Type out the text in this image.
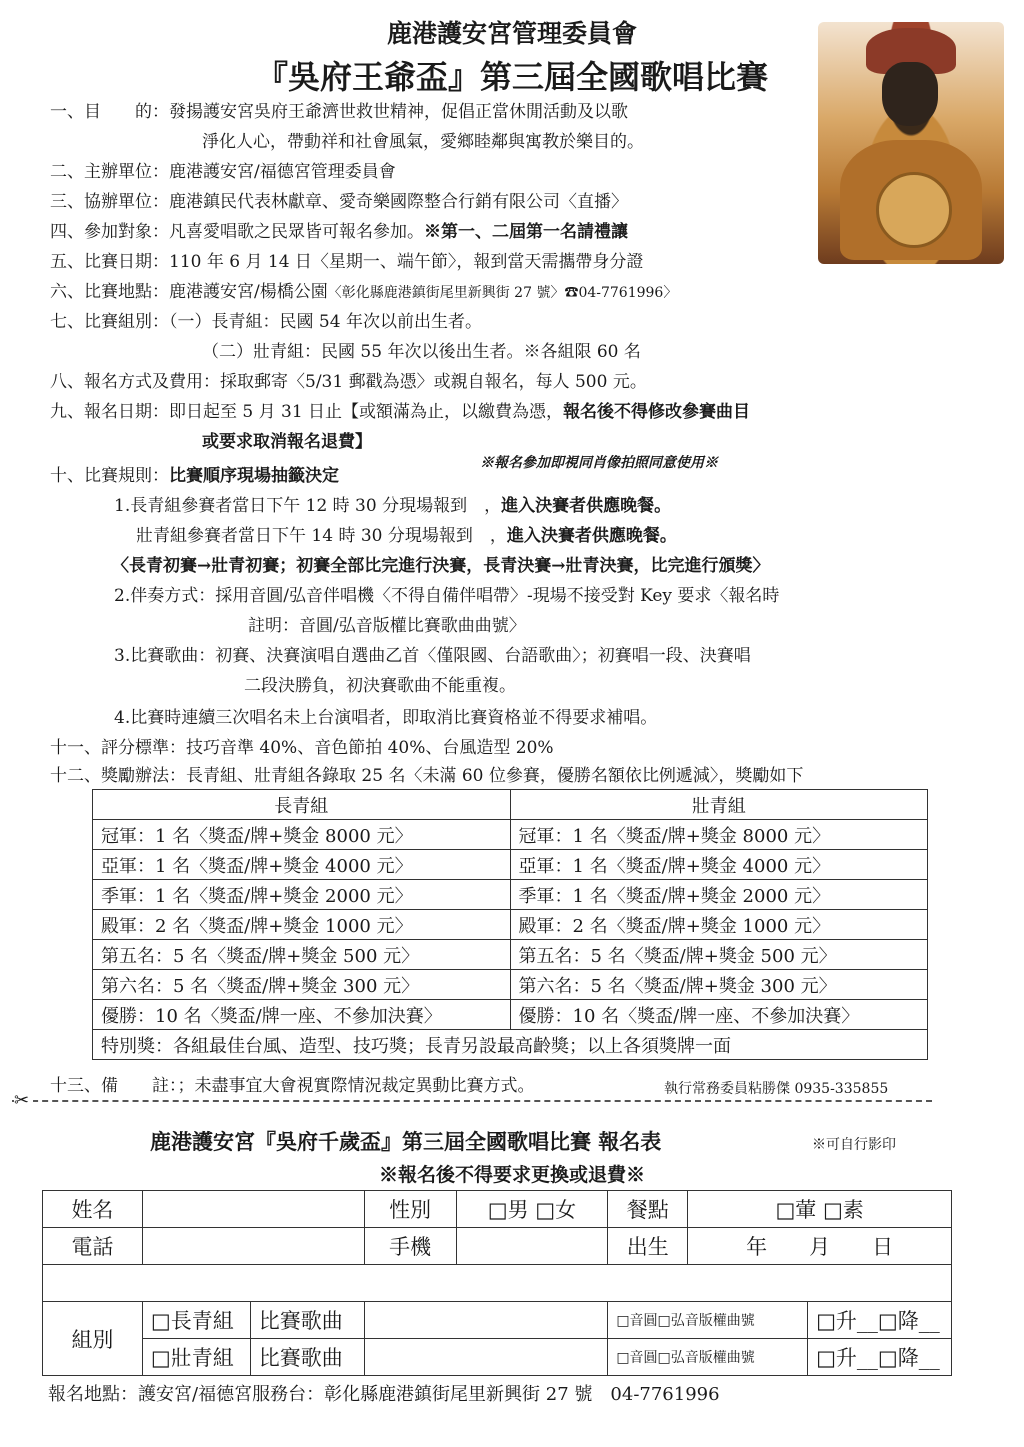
鹿港護安宮管理委員會
『吳府王爺盃』第三屆全國歌唱比賽
一、目　　的：發揚護安宮吳府王爺濟世救世精神，促倡正當休閒活動及以歌
淨化人心，帶動祥和社會風氣，愛鄉睦鄰與寓教於樂目的。
二、主辦單位：鹿港護安宮/福德宮管理委員會
三、協辦單位：鹿港鎮民代表林獻章、愛奇樂國際整合行銷有限公司〈直播〉
四、參加對象：凡喜愛唱歌之民眾皆可報名參加。※第一、二屆第一名請禮讓
五、比賽日期：110 年 6 月 14 日〈星期一、端午節〉，報到當天需攜帶身分證
六、比賽地點：鹿港護安宮/楊橋公園〈彰化縣鹿港鎮街尾里新興街 27 號〉☎04-7761996〉
七、比賽組別：（一）長青組：民國 54 年次以前出生者。
（二）壯青組：民國 55 年次以後出生者。※各組限 60 名
八、報名方式及費用：採取郵寄〈5/31 郵戳為憑〉或親自報名，每人 500 元。
九、報名日期：即日起至 5 月 31 日止【或額滿為止，以繳費為憑，報名後不得修改參賽曲目
或要求取消報名退費】
※報名參加即視同肖像拍照同意使用※
十、比賽規則：比賽順序現場抽籤決定
1.長青組參賽者當日下午 12 時 30 分現場報到　，進入決賽者供應晚餐。
壯青組參賽者當日下午 14 時 30 分現場報到　，進入決賽者供應晚餐。
〈長青初賽→壯青初賽；初賽全部比完進行決賽，長青決賽→壯青決賽，比完進行頒獎〉
2.伴奏方式：採用音圓/弘音伴唱機〈不得自備伴唱帶〉-現場不接受對 Key 要求〈報名時
註明：音圓/弘音版權比賽歌曲曲號〉
3.比賽歌曲：初賽、決賽演唱自選曲乙首〈僅限國、台語歌曲〉；初賽唱一段、決賽唱
二段決勝負，初決賽歌曲不能重複。
4.比賽時連續三次唱名未上台演唱者，即取消比賽資格並不得要求補唱。
十一、評分標準：技巧音準 40%、音色節拍 40%、台風造型 20%
十二、獎勵辦法：長青組、壯青組各錄取 25 名〈未滿 60 位參賽，優勝名額依比例遞減〉，獎勵如下
長青組	壯青組
冠軍：1 名〈獎盃/牌+獎金 8000 元〉	冠軍：1 名〈獎盃/牌+獎金 8000 元〉
亞軍：1 名〈獎盃/牌+獎金 4000 元〉	亞軍：1 名〈獎盃/牌+獎金 4000 元〉
季軍：1 名〈獎盃/牌+獎金 2000 元〉	季軍：1 名〈獎盃/牌+獎金 2000 元〉
殿軍：2 名〈獎盃/牌+獎金 1000 元〉	殿軍：2 名〈獎盃/牌+獎金 1000 元〉
第五名：5 名〈獎盃/牌+獎金 500 元〉	第五名：5 名〈獎盃/牌+獎金 500 元〉
第六名：5 名〈獎盃/牌+獎金 300 元〉	第六名：5 名〈獎盃/牌+獎金 300 元〉
優勝：10 名〈獎盃/牌一座、不參加決賽〉	優勝：10 名〈獎盃/牌一座、不參加決賽〉
特別獎：各組最佳台風、造型、技巧獎；長青另設最高齡獎；以上各須獎牌一面	
十三、備　　註：；未盡事宜大會視實際情況裁定異動比賽方式。	執行常務委員粘勝傑 0935-335855
✂
鹿港護安宮『吳府千歲盃』第三屆全國歌唱比賽 報名表	※可自行影印
※報名後不得要求更換或退費※
姓名			性別	□男 □女	餐點	□葷 □素	
電話			手機		出生	年　　月　　日	

組別	□長青組	比賽歌曲			□音圓□弘音版權曲號		□升__□降__
	□壯青組	比賽歌曲			□音圓□弘音版權曲號		□升__□降__
報名地點：護安宮/福德宮服務台：彰化縣鹿港鎮街尾里新興街 27 號　04-7761996
